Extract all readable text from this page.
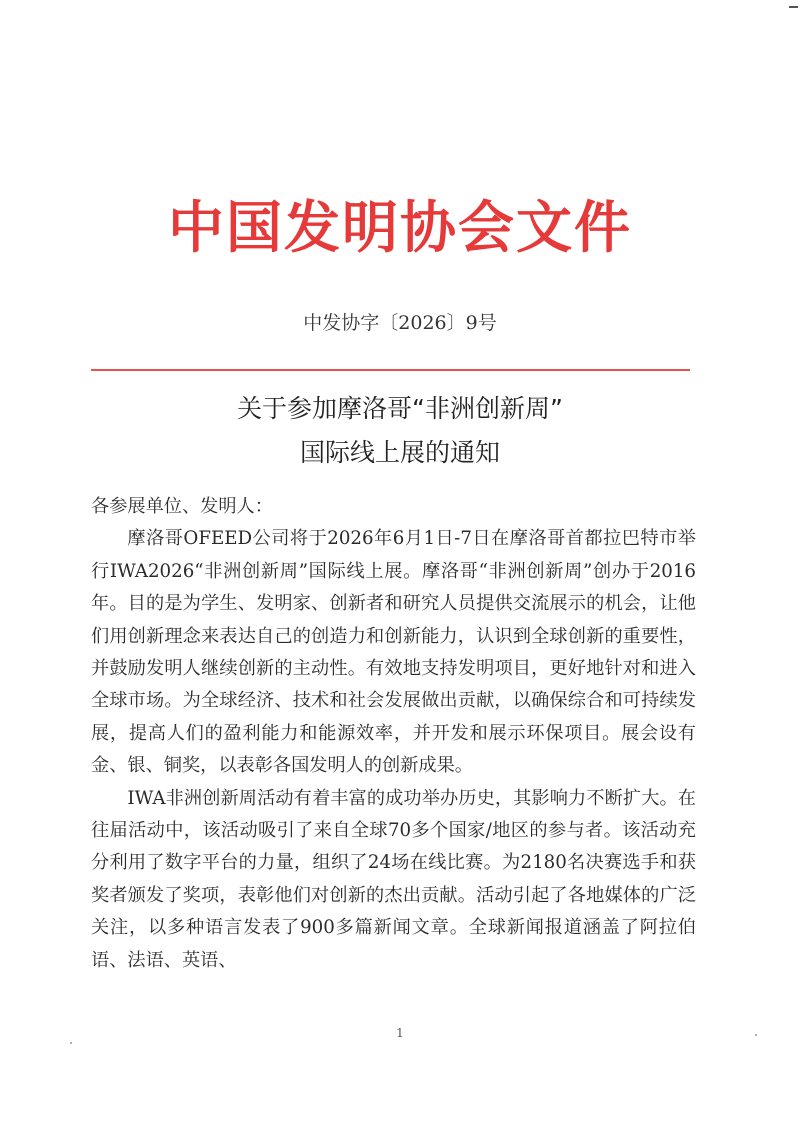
中国发明协会文件
中发协字〔2026〕9号
关于参加摩洛哥“非洲创新周”
国际线上展的通知

各参展单位、发明人：

摩洛哥OFEED公司将于2026年6月1日-7日在摩洛哥首都拉巴特市举行IWA2026“非洲创新周”国际线上展。摩洛哥“非洲创新周”创办于2016年。目的是为学生、发明家、创新者和研究人员提供交流展示的机会，让他们用创新理念来表达自己的创造力和创新能力，认识到全球创新的重要性，并鼓励发明人继续创新的主动性。有效地支持发明项目，更好地针对和进入全球市场。为全球经济、技术和社会发展做出贡献，以确保综合和可持续发展，提高人们的盈利能力和能源效率，并开发和展示环保项目。展会设有金、银、铜奖，以表彰各国发明人的创新成果。

IWA非洲创新周活动有着丰富的成功举办历史，其影响力不断扩大。在往届活动中，该活动吸引了来自全球70多个国家/地区的参与者。该活动充分利用了数字平台的力量，组织了24场在线比赛。为2180名决赛选手和获奖者颁发了奖项，表彰他们对创新的杰出贡献。活动引起了各地媒体的广泛关注，以多种语言发表了900多篇新闻文章。全球新闻报道涵盖了阿拉伯语、法语、英语、

1
